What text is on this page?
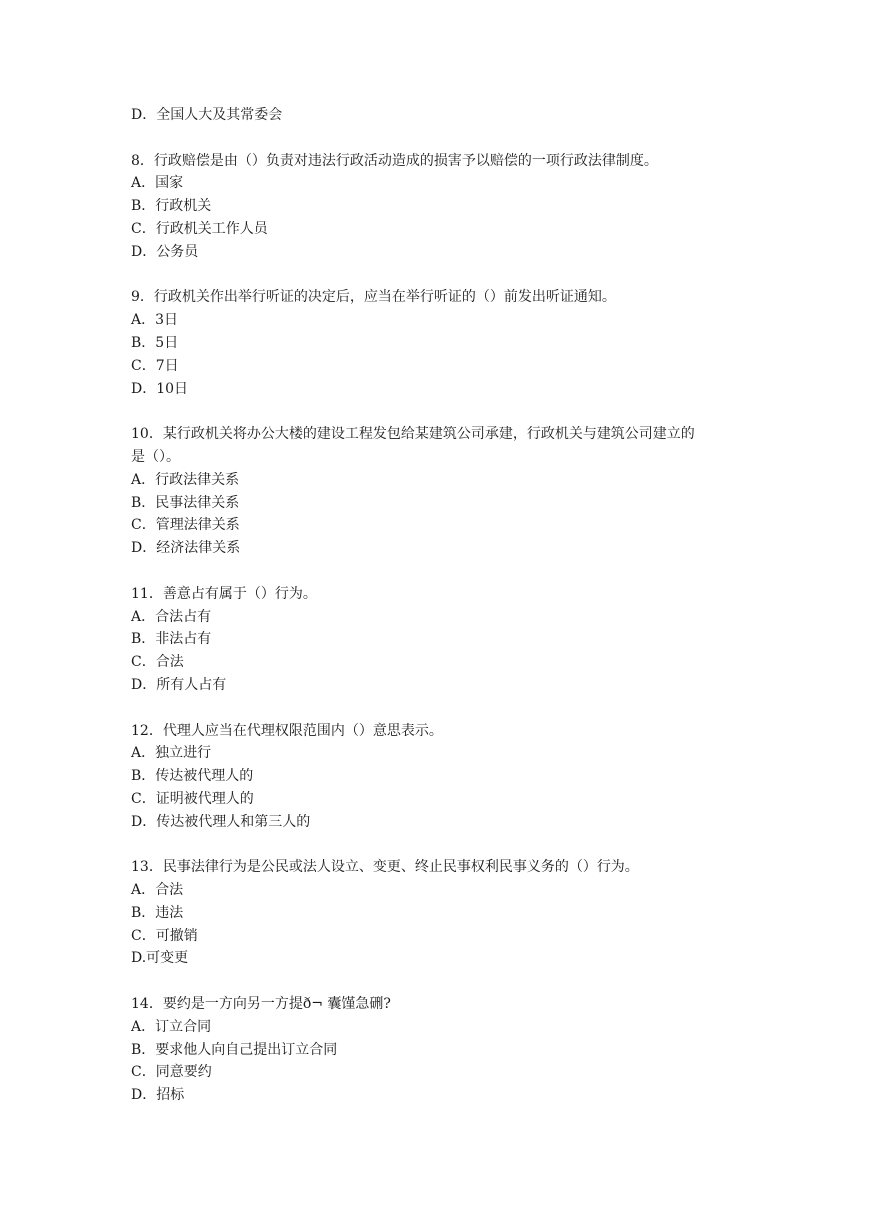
D．全国人大及其常委会
8．行政赔偿是由（）负责对违法行政活动造成的损害予以赔偿的一项行政法律制度。
A．国家
B．行政机关
C．行政机关工作人员
D．公务员
9．行政机关作出举行听证的决定后，应当在举行听证的（）前发出听证通知。
A．3日
B．5日
C．7日
D．10日
10．某行政机关将办公大楼的建设工程发包给某建筑公司承建，行政机关与建筑公司建立的
是（）。
A．行政法律关系
B．民事法律关系
C．管理法律关系
D．经济法律关系
11．善意占有属于（）行为。
A．合法占有
B．非法占有
C．合法
D．所有人占有
12．代理人应当在代理权限范围内（）意思表示。
A．独立进行
B．传达被代理人的
C．证明被代理人的
D．传达被代理人和第三人的
13．民事法律行为是公民或法人设立、变更、终止民事权利民事义务的（）行为。
A．合法
B．违法
C．可撤销
D.可变更
14．要约是一方向另一方提ð¬ 囊馑急硎?
A．订立合同
B．要求他人向自己提出订立合同
C．同意要约
D．招标
